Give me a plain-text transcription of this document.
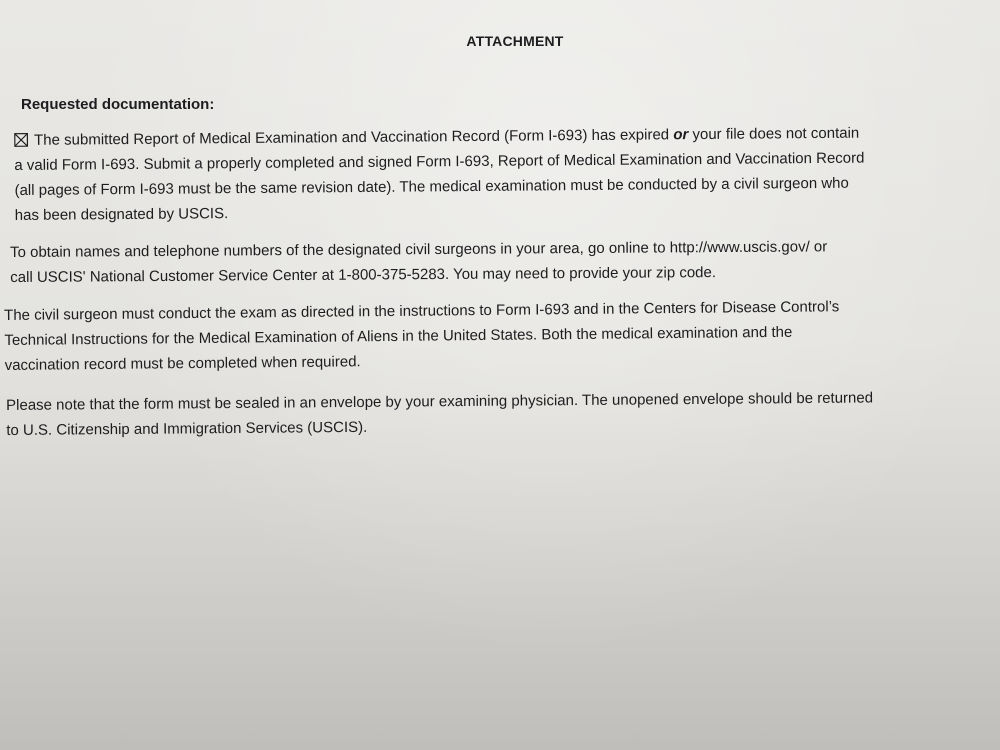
ATTACHMENT
Requested documentation:

The submitted Report of Medical Examination and Vaccination Record (Form I-693) has expired or your file does not contain
a valid Form I-693. Submit a properly completed and signed Form I-693, Report of Medical Examination and Vaccination Record
(all pages of Form I-693 must be the same revision date). The medical examination must be conducted by a civil surgeon who
has been designated by USCIS.

To obtain names and telephone numbers of the designated civil surgeons in your area, go online to http://www.uscis.gov/ or
call USCIS' National Customer Service Center at 1-800-375-5283. You may need to provide your zip code.

The civil surgeon must conduct the exam as directed in the instructions to Form I-693 and in the Centers for Disease Control’s
Technical Instructions for the Medical Examination of Aliens in the United States. Both the medical examination and the
vaccination record must be completed when required.

Please note that the form must be sealed in an envelope by your examining physician. The unopened envelope should be returned
to U.S. Citizenship and Immigration Services (USCIS).
